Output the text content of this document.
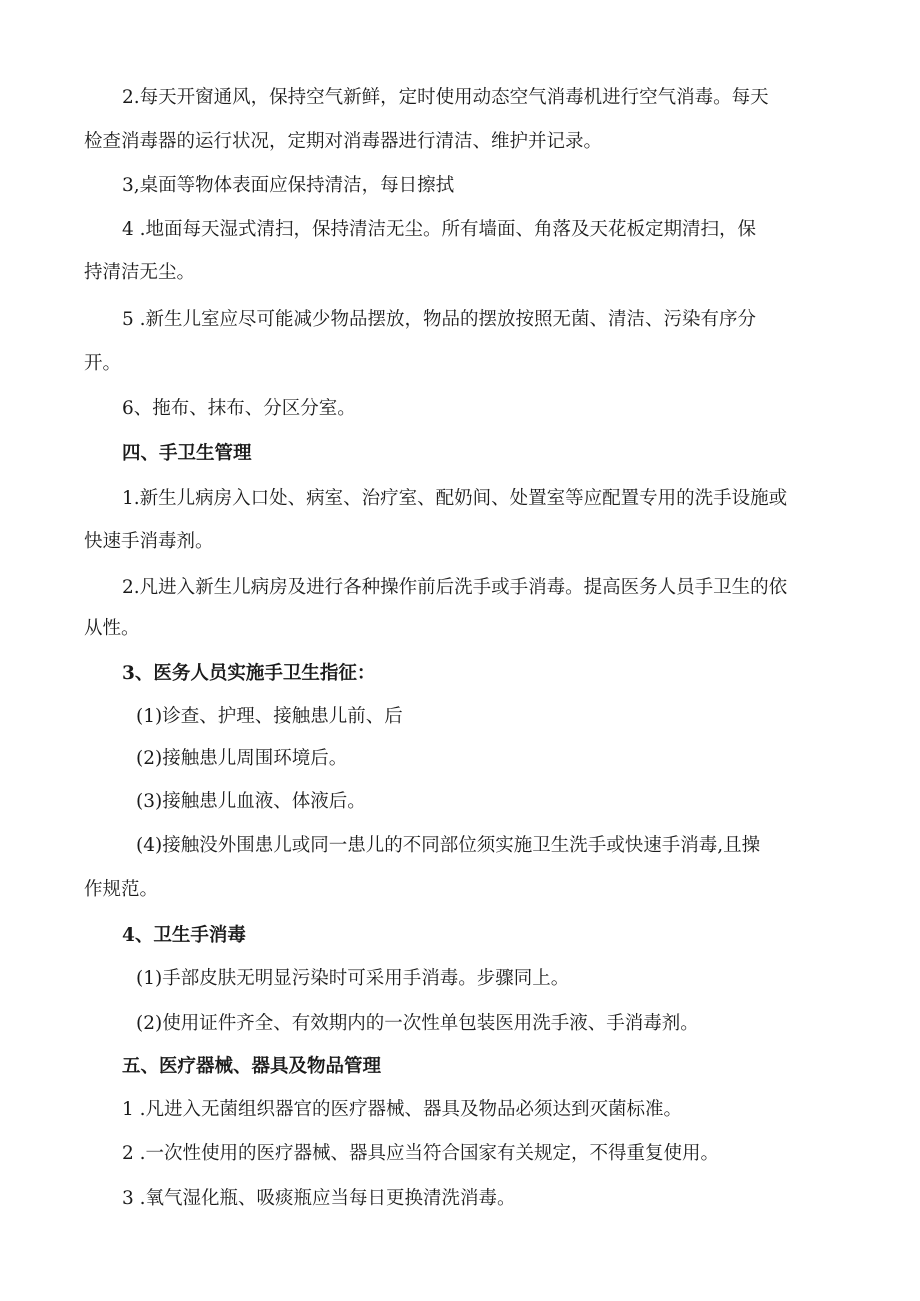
2.每天开窗通风，保持空气新鲜，定时使用动态空气消毒机进行空气消毒。每天
检查消毒器的运行状况，定期对消毒器进行清洁、维护并记录。
3,桌面等物体表面应保持清洁，每日擦拭
4 .地面每天湿式清扫，保持清洁无尘。所有墙面、角落及天花板定期清扫，保
持清洁无尘。
5 .新生儿室应尽可能减少物品摆放，物品的摆放按照无菌、清洁、污染有序分
开。
6、拖布、抹布、分区分室。
四、手卫生管理
1.新生儿病房入口处、病室、治疗室、配奶间、处置室等应配置专用的洗手设施或
快速手消毒剂。
2.凡进入新生儿病房及进行各种操作前后洗手或手消毒。提高医务人员手卫生的依
从性。
3、医务人员实施手卫生指征：
(1)诊查、护理、接触患儿前、后
(2)接触患儿周围环境后。
(3)接触患儿血液、体液后。
(4)接触没外围患儿或同一患儿的不同部位须实施卫生洗手或快速手消毒,且操
作规范。
4、卫生手消毒
(1)手部皮肤无明显污染时可采用手消毒。步骤同上。
(2)使用证件齐全、有效期内的一次性单包装医用洗手液、手消毒剂。
五、医疗器械、器具及物品管理
1 .凡进入无菌组织器官的医疗器械、器具及物品必须达到灭菌标准。
2 .一次性使用的医疗器械、器具应当符合国家有关规定，不得重复使用。
3 .氧气湿化瓶、吸痰瓶应当每日更换清洗消毒。
